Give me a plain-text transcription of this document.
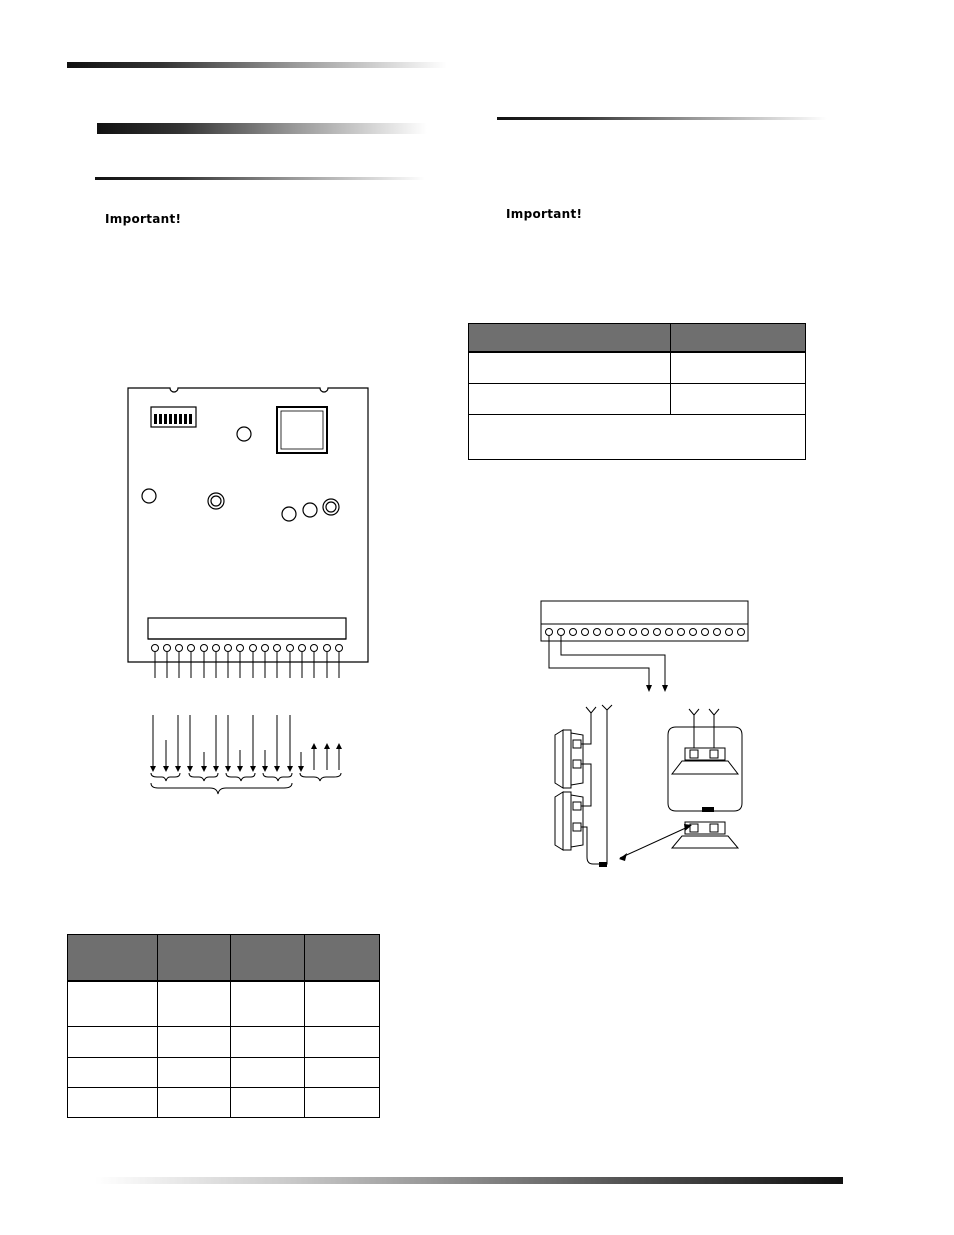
Important!	Important!
